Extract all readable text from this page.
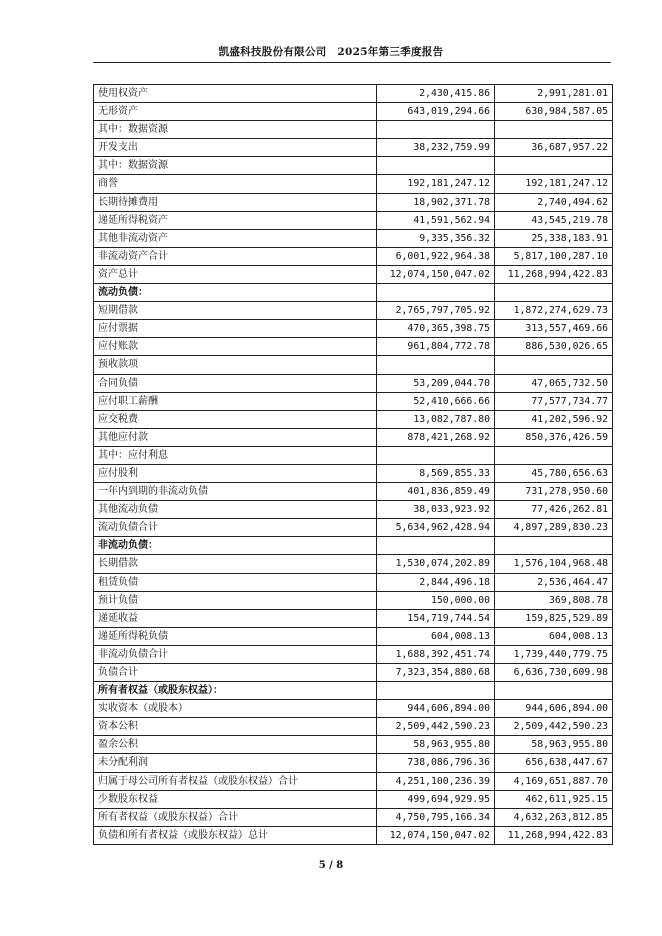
凯盛科技股份有限公司　2025年第三季度报告
使用权资产	2,430,415.86	2,991,281.01
无形资产	643,019,294.66	630,984,587.05
其中：数据资源		
开发支出	38,232,759.99	36,687,957.22
其中：数据资源		
商誉	192,181,247.12	192,181,247.12
长期待摊费用	18,902,371.78	2,740,494.62
递延所得税资产	41,591,562.94	43,545,219.78
其他非流动资产	9,335,356.32	25,338,183.91
非流动资产合计	6,001,922,964.38	5,817,100,287.10
资产总计	12,074,150,047.02	11,268,994,422.83
流动负债：		
短期借款	2,765,797,705.92	1,872,274,629.73
应付票据	470,365,398.75	313,557,469.66
应付账款	961,804,772.78	886,530,026.65
预收款项		
合同负债	53,209,044.70	47,065,732.50
应付职工薪酬	52,410,666.66	77,577,734.77
应交税费	13,082,787.80	41,202,596.92
其他应付款	878,421,268.92	850,376,426.59
其中：应付利息		
应付股利	8,569,855.33	45,780,656.63
一年内到期的非流动负债	401,836,859.49	731,278,950.60
其他流动负债	38,033,923.92	77,426,262.81
流动负债合计	5,634,962,428.94	4,897,289,830.23
非流动负债：		
长期借款	1,530,074,202.89	1,576,104,968.48
租赁负债	2,844,496.18	2,536,464.47
预计负债	150,000.00	369,808.78
递延收益	154,719,744.54	159,825,529.89
递延所得税负债	604,008.13	604,008.13
非流动负债合计	1,688,392,451.74	1,739,440,779.75
负债合计	7,323,354,880.68	6,636,730,609.98
所有者权益（或股东权益）：		
实收资本（或股本）	944,606,894.00	944,606,894.00
资本公积	2,509,442,590.23	2,509,442,590.23
盈余公积	58,963,955.80	58,963,955.80
未分配利润	738,086,796.36	656,638,447.67
归属于母公司所有者权益（或股东权益）合计	4,251,100,236.39	4,169,651,887.70
少数股东权益	499,694,929.95	462,611,925.15
所有者权益（或股东权益）合计	4,750,795,166.34	4,632,263,812.85
负债和所有者权益（或股东权益）总计	12,074,150,047.02	11,268,994,422.83
5 / 8
